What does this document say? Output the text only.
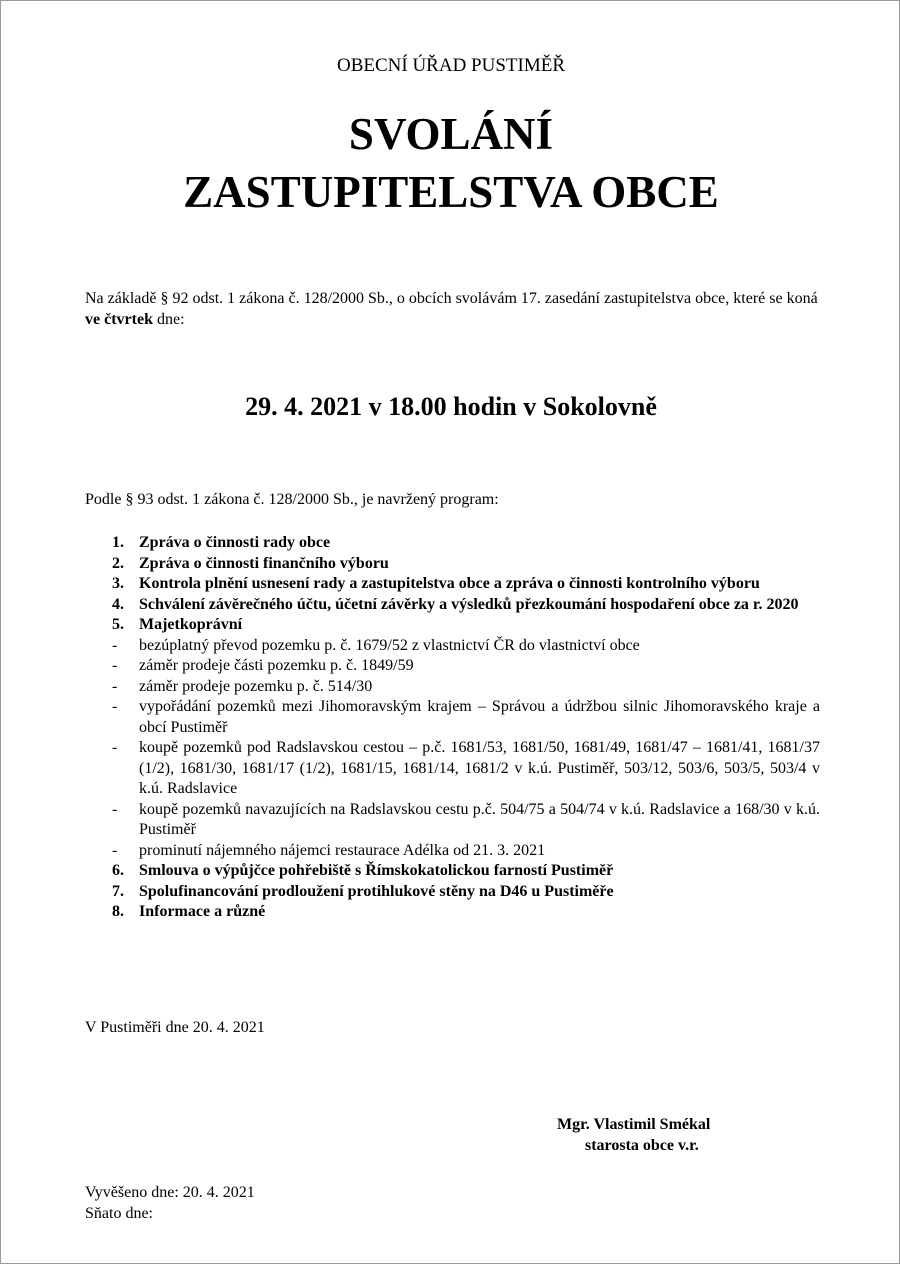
OBECNÍ ÚŘAD PUSTIMĚŘ
SVOLÁNÍ
ZASTUPITELSTVA OBCE
Na základě § 92 odst. 1 zákona č. 128/2000 Sb., o obcích svolávám 17. zasedání zastupitelstva obce, které se koná ve čtvrtek dne:
29. 4. 2021 v 18.00 hodin v Sokolovně
Podle § 93 odst. 1 zákona č. 128/2000 Sb., je navržený program:
1. Zpráva o činnosti rady obce
2. Zpráva o činnosti finančního výboru
3. Kontrola plnění usnesení rady a zastupitelstva obce a zpráva o činnosti kontrolního výboru
4. Schválení závěrečného účtu, účetní závěrky a výsledků přezkoumání hospodaření obce za r. 2020
5. Majetkoprávní
- bezúplatný převod pozemku p. č. 1679/52 z vlastnictví ČR do vlastnictví obce
- záměr prodeje části pozemku p. č. 1849/59
- záměr prodeje pozemku p. č. 514/30
- vypořádání pozemků mezi Jihomoravským krajem – Správou a údržbou silnic Jihomoravského kraje a obcí Pustiměř
- koupě pozemků pod Radslavskou cestou – p.č. 1681/53, 1681/50, 1681/49, 1681/47 – 1681/41, 1681/37 (1/2), 1681/30, 1681/17 (1/2), 1681/15, 1681/14, 1681/2 v k.ú. Pustiměř, 503/12, 503/6, 503/5, 503/4 v k.ú. Radslavice
- koupě pozemků navazujících na Radslavskou cestu p.č. 504/75 a 504/74 v k.ú. Radslavice a 168/30 v k.ú. Pustiměř
- prominutí nájemného nájemci restaurace Adélka od 21. 3. 2021
6. Smlouva o výpůjčce pohřebiště s Římskokatolickou farností Pustiměř
7. Spolufinancování prodloužení protihlukové stěny na D46 u Pustiměře
8. Informace a různé
V Pustiměři dne 20. 4. 2021
Mgr. Vlastimil Smékal
starosta obce v.r.
Vyvěšeno dne: 20. 4. 2021
Sňato dne:
